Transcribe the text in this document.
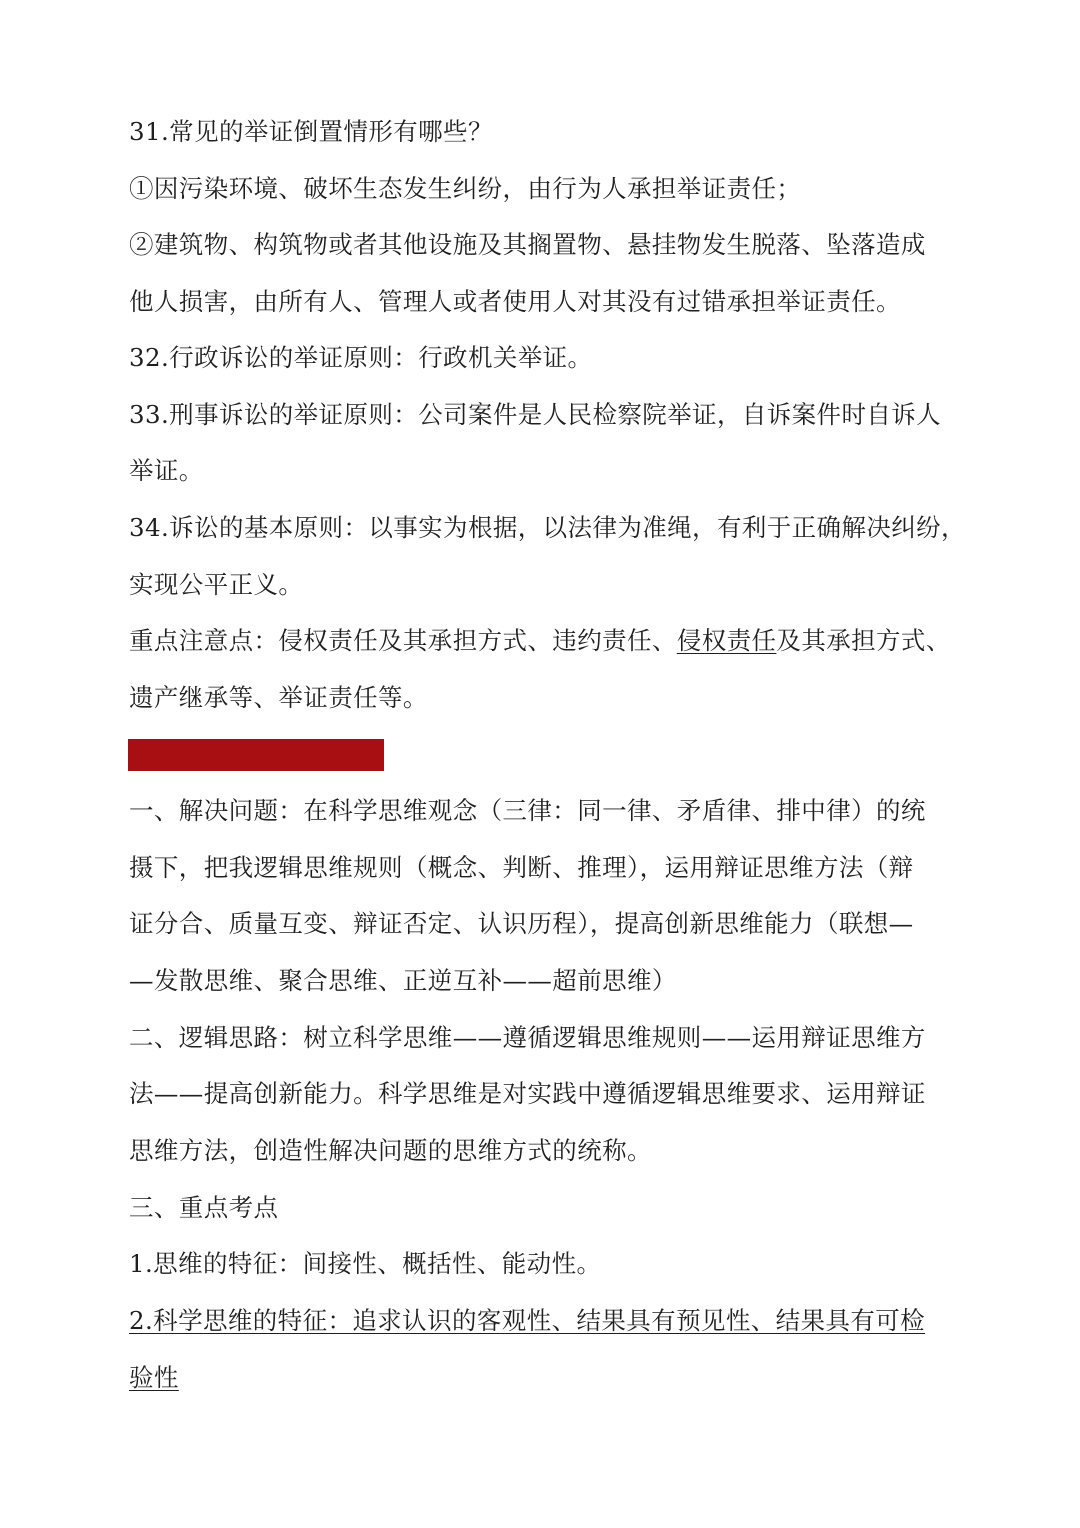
31.常见的举证倒置情形有哪些？
①因污染环境、破坏生态发生纠纷，由行为人承担举证责任；
②建筑物、构筑物或者其他设施及其搁置物、悬挂物发生脱落、坠落造成
他人损害，由所有人、管理人或者使用人对其没有过错承担举证责任。
32.行政诉讼的举证原则：行政机关举证。
33.刑事诉讼的举证原则：公司案件是人民检察院举证，自诉案件时自诉人
举证。
34.诉讼的基本原则：以事实为根据，以法律为准绳，有利于正确解决纠纷，
实现公平正义。
重点注意点：侵权责任及其承担方式、违约责任、侵权责任及其承担方式、
遗产继承等、举证责任等。
一、解决问题：在科学思维观念（三律：同一律、矛盾律、排中律）的统
摄下，把我逻辑思维规则（概念、判断、推理），运用辩证思维方法（辩
证分合、质量互变、辩证否定、认识历程），提高创新思维能力（联想—
—发散思维、聚合思维、正逆互补——超前思维）
二、逻辑思路：树立科学思维——遵循逻辑思维规则——运用辩证思维方
法——提高创新能力。科学思维是对实践中遵循逻辑思维要求、运用辩证
思维方法，创造性解决问题的思维方式的统称。
三、重点考点
1.思维的特征：间接性、概括性、能动性。
2.科学思维的特征：追求认识的客观性、结果具有预见性、结果具有可检
验性
